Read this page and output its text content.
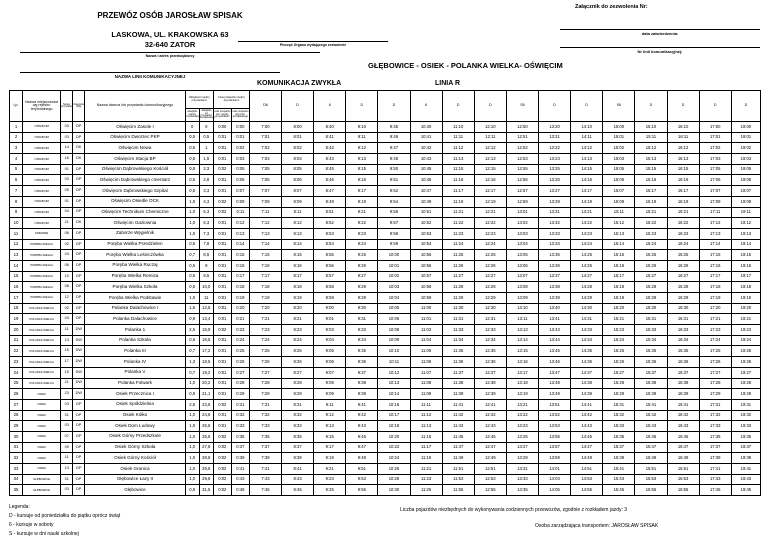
Załącznik do zezwolenia Nr:
PRZEWÓZ OSÓB JAROSŁAW SPISAK
LASKOWA, UL. KRAKOWSKA 63
32-640 ZATOR
Nazwa i adres przedsiębiorcy
Pieczęć Organu wydającego zezwolenie
data zatwierdzenia:
Nr linii komunikacyjnej:
NAZWA LINII KOMUNIKACYJNEJ
GŁĘBOWICE - OSIEK - POLANKA WIELKA- OŚWIĘCIM
KOMUNIKACJA ZWYKŁA	LINIA R
Lp.	Nazwa miejscowości wg rejestru terytorialnego	Numer przystanku	Kategoria drogi	Nazwa dworca lub przystanku komunikacyjnego	Odległości między przystankami		Czas przejazdu między przystankami		D6	D	6	D	D	6	D	D	S6	D	D	S6	D	D	D	D
					odległość między przystankami	odległość od przystanku początkowego	czas przejazdu min. między przystankami	czas przejazdu od przyst. początkowego																
1	OŚWIĘCIM	03	DP	Oświęcim Zasole I	0	0	0:00	0:00	7:00	8:00	8:40	9:10	9:45	10:40	11:10	12:10	12:50	13:20	14:10	15:00	15:10	16:10	17:00	19:00
2	OŚWIĘCIM	03	DP	Oświęcim Dworzec PKP	0,5	0,5	0:01	0:01	7:01	8:01	8:41	9:11	9:46	10:41	11:11	12:11	12:51	13:21	14:11	15:01	15:11	16:11	17:01	19:01
3	OŚWIĘCIM	14	DK	Oświęcim Nowa	0,5	1	0:01	0:02	7:02	8:02	8:42	9:12	9:47	10:42	11:12	12:12	12:52	13:22	14:12	15:02	15:12	16:12	17:02	19:02
4	OŚWIĘCIM	16	DK	Oświęcim Stacja BP	0,5	1,5	0:01	0:03	7:03	8:03	8:43	9:13	9:48	10:43	11:13	12:13	12:53	13:23	14:13	15:03	15:13	16:13	17:03	19:03
5	OŚWIĘCIM	01	DP	Oświęcim Dąbrowskiego Kościół	0,8	2,3	0:02	0:05	7:05	8:05	8:45	9:15	9:50	10:45	11:15	12:15	12:55	13:25	14:15	15:05	15:15	16:15	17:05	19:05
6	OŚWIĘCIM	03	DP	Oświęcim Dąbrowskiego cmentarz	0,5	2,8	0:01	0:06	7:06	8:06	8:46	9:16	9:51	10:46	11:16	12:16	12:56	13:26	14:16	15:06	15:16	16:16	17:06	19:06
7	OŚWIĘCIM	05	DP	Oświęcim Dąbrowskiego Szpital	0,5	3,3	0:01	0:07	7:07	8:07	8:47	9:17	9:52	10:47	11:17	12:17	12:57	13:27	14:17	15:07	15:17	16:17	17:07	19:07
8	OŚWIĘCIM	01	DP	Oświęcim Osiedle OCK	1,0	4,3	0:02	0:09	7:09	8:09	8:49	9:19	9:54	10:49	11:19	12:19	12:59	13:29	14:19	15:09	15:19	16:19	17:09	19:09
9	OŚWIĘCIM	04	DP	Oświęcim Technikum Chemiczne	1,0	5,3	0:02	0:11	7:11	8:11	8:51	9:21	9:56	10:51	11:21	12:21	13:01	13:31	14:21	15:11	15:21	16:21	17:11	19:11
10	OŚWIĘCIM	21	DK	Oświęcim Gaziownia	1,0	6,3	0:01	0:12	7:12	8:12	8:52	9:22	9:57	10:52	11:22	12:22	13:02	13:32	14:22	15:12	15:22	16:22	17:12	19:12
11	ZABORZE	06	DP	Zaborze Węgielnik	1,0	7,3	0:01	0:13	7:13	8:13	8:53	9:23	9:58	10:53	11:23	12:23	13:03	13:33	14:23	15:13	15:23	16:23	17:13	19:13
12	PORĘBA WIELKA	02	DP	Poręba Wielka Przedzielen	0,5	7,8	0:01	0:14	7:14	8:14	8:54	9:24	9:59	10:54	11:24	12:24	13:04	13:34	14:24	15:14	15:24	16:24	17:14	19:14
13	PORĘBA WIELKA	04	DP	Poręba Wielka Leśniczówka	0,7	8,5	0:01	0:15	7:15	8:15	8:55	9:25	10:00	10:55	11:25	12:25	13:05	13:35	14:25	15:15	15:25	16:25	17:15	19:15
14	PORĘBA WIELKA	06	DP	Poręba Wielka Ruczaj	0,5	9	0:01	0:16	7:16	8:16	8:56	9:26	10:01	10:56	11:26	12:26	13:06	13:36	14:26	15:16	15:26	16:26	17:16	19:16
15	PORĘBA WIELKA	10	DP	Poręba Wielka Remiza	0,5	9,5	0:01	0:17	7:17	8:17	8:57	9:27	10:02	10:57	11:27	12:27	13:07	13:37	14:27	15:17	15:27	16:27	17:17	19:17
16	PORĘBA WIELKA	08	DP	Poręba Wielka Szkoła	0,5	10,0	0:01	0:18	7:18	8:18	8:58	9:28	10:03	10:58	11:28	12:28	13:08	13:38	14:28	15:18	15:28	16:28	17:18	19:18
17	PORĘBA WIELKA	12	DP	Poręba Wielka Podstawie	1,0	11	0:01	0:19	7:19	8:19	8:59	9:29	10:04	10:59	11:29	12:29	13:09	13:39	14:29	15:19	15:29	16:29	17:19	19:19
18	POLANKA WIELKA	02	DP	Polanka Dalachowice I	1,5	12,5	0:01	0:20	7:20	8:20	9:00	9:30	10:05	11:00	11:30	12:30	13:10	13:40	14:30	15:20	15:30	16:30	17:20	19:20
19	POLANKA WIELKA	04	DP	Polanka Dalachowice	0,9	13,4	0:01	0:21	7:21	8:21	9:01	9:31	10:06	11:01	11:31	12:31	13:11	13:41	14:31	15:21	15:31	16:31	17:21	19:21
20	POLANKA WIELKA	11	DW	Polanka 1	2,5	15,9	0:02	0:23	7:23	8:23	9:03	9:33	10:08	11:03	11:33	12:33	13:13	13:43	14:33	15:23	15:33	16:33	17:23	19:23
21	POLANKA WIELKA	13	DW	Polanka Szkoła	0,6	16,5	0:01	0:24	7:24	8:24	9:04	9:34	10:09	11:04	11:34	12:34	13:14	13:44	14:34	15:24	15:34	16:34	17:24	19:24
22	POLANKA WIELKA	15	DW	Polanka III	0,7	17,2	0:01	0:25	7:25	8:25	9:05	9:35	10:10	11:05	11:35	12:35	13:15	13:45	14:35	15:25	15:35	16:35	17:25	19:25
23	POLANKA WIELKA	17	DW	Polanka IV	1,3	18,5	0:01	0:26	7:26	8:26	9:06	9:36	10:11	11:06	11:36	12:36	13:16	13:46	14:36	15:26	15:36	16:36	17:26	19:26
24	POLANKA WIELKA	19	DW	Polanka V	0,7	19,2	0:01	0:27	7:27	8:27	9:07	9:37	10:12	11:07	11:37	12:37	13:17	13:47	14:37	15:27	15:37	16:37	17:27	19:27
25	POLANKA WIELKA	21	DW	Polanka Folwark	1,0	20,2	0:01	0:28	7:28	8:28	9:08	9:38	10:13	11:08	11:38	12:38	13:18	13:48	14:38	15:28	15:38	16:38	17:28	19:28
26	OSIEK	23	DW	Osiek Przecznica I	0,9	21,1	0:01	0:29	7:29	8:29	9:09	9:39	10:14	11:09	11:39	12:39	13:19	13:49	14:39	15:29	15:39	16:39	17:29	19:29
27	OSIEK	03	DP	Osiek Spółdzielnia	2,5	23,6	0:02	0:31	7:31	8:31	9:11	9:41	10:16	11:11	11:41	12:41	13:21	13:51	14:41	15:31	15:41	16:41	17:31	19:31
28	OSIEK	01	DP	Osiek Kółko	1,0	24,6	0:01	0:32	7:32	8:32	9:12	9:42	10:17	11:12	11:42	12:42	13:22	13:52	14:42	15:32	15:42	16:42	17:32	19:32
29	OSIEK	03	DP	Osiek Dom Ludowy	1,0	25,6	0:01	0:33	7:33	8:33	9:13	9:43	10:18	11:13	11:43	12:43	13:23	13:53	14:43	15:33	15:43	16:43	17:33	19:33
30	OSIEK	07	DP	Osiek Górny Przedszkole	1,0	26,6	0:02	0:35	7:35	8:35	9:15	9:45	10:20	11:15	11:45	12:45	13:25	13:55	14:45	15:35	15:45	16:45	17:35	19:35
31	OSIEK	09	DP	Osiek Górny Szkoła	1,0	27,6	0:02	0:37	7:37	8:37	9:17	9:47	10:22	11:17	11:47	12:47	13:27	13:57	14:47	15:37	15:47	16:47	17:37	19:37
32	OSIEK	11	DP	Osiek Górny Kościół	1,0	28,6	0:02	0:39	7:39	8:39	9:19	9:49	10:24	11:19	11:49	12:49	13:29	13:59	14:49	15:39	15:49	16:49	17:39	19:39
33	OSIEK	13	DP	Osiek Granica	1,0	29,6	0:02	0:41	7:41	8:41	9:21	9:51	10:26	11:21	11:51	12:51	13:31	14:01	14:51	15:41	15:51	16:51	17:41	19:41
34	GŁĘBOWICE	01	DP	Głębowice Łazy II	1,0	29,6	0:02	0:43	7:43	8:43	9:23	9:53	10:28	11:23	11:53	12:53	13:33	14:03	14:53	15:43	15:53	16:53	17:43	19:43
35	GŁĘBOWICE	03	DP	Głębowice	0,9	31,5	0:02	0:45	7:45	8:45	9:25	9:55	10:30	11:25	11:55	12:55	13:35	14:05	14:55	15:45	15:55	16:55	17:45	19:45
Legenda:
D - kursuje od poniedziałku do piątku oprócz świąt
6 - kursuje w soboty
S - kursuje w dni nauki szkolnej
Liczba pojazdów niezbędnych do wykonywania codziennych przewozów, zgodnie z rozkładem jazdy: 3
Osoba zarządzająca transportem: JAROSŁAW SPISAK
